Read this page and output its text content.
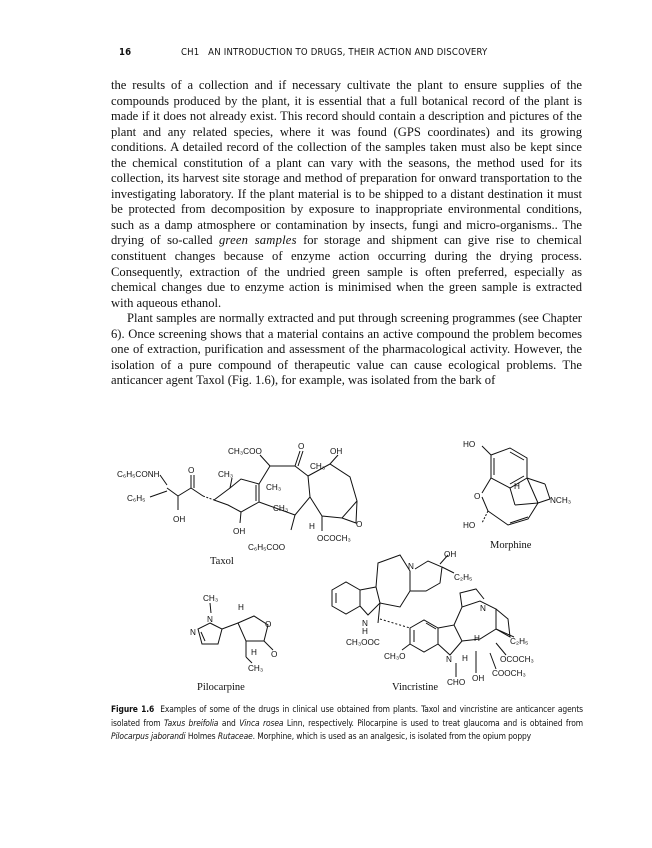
16	CH1   AN INTRODUCTION TO DRUGS, THEIR ACTION AND DISCOVERY

the results of a collection and if necessary cultivate the plant to ensure supplies of the compounds produced by the plant, it is essential that a full botanical record of the plant is made if it does not already exist. This record should contain a description and pictures of the plant and any related species, where it was found (GPS coordinates) and its growing conditions. A detailed record of the collection of the samples taken must also be kept since the chemical constitution of a plant can vary with the seasons, the method used for its collection, its harvest site storage and method of preparation for onward transportation to the investigating laboratory. If the plant material is to be shipped to a distant destination it must be protected from decomposition by exposure to inappropriate environmental conditions, such as a damp atmosphere or contamination by insects, fungi and micro-organisms.. The drying of so-called green samples for storage and shipment can give rise to chemical constituent changes because of enzyme action occurring during the drying process. Consequently, extraction of the undried green sample is often preferred, especially as chemical changes due to enzyme action is minimised when the green sample is extracted with aqueous ethanol.

Plant samples are normally extracted and put through screening programmes (see Chapter 6). Once screening shows that a material contains an active compound the problem becomes one of extraction, purification and assessment of the pharmacological activity. However, the isolation of a pure compound of therapeutic value can cause ecological problems. The anticancer agent Taxol (Fig. 1.6), for example, was isolated from the bark of

C₆H₅CONH
C₆H₅
OH
O	CH₃
OH
CH₃COO
O
CH₃
CH₃
OH
CH₃
OCOCH₃
O
H
C₆H₅COO
HO
O	NCH₃
H
HO
CH₃
N
N
H
O
O
H
CH₃
N
H
N
OH
C₂H₅
CH₃OOC
CH₃O	N H
N
H	C₂H₅
OCOCH₃
COOCH₃
CHO OH
Taxol
Morphine
Pilocarpine	Vincristine
Figure 1.6 Examples of some of the drugs in clinical use obtained from plants. Taxol and vincristine are anticancer agents isolated from Taxus breifolia and Vinca rosea Linn, respectively. Pilocarpine is used to treat glaucoma and is obtained from Pilocarpus jaborandi Holmes Rutaceae. Morphine, which is used as an analgesic, is isolated from the opium poppy
